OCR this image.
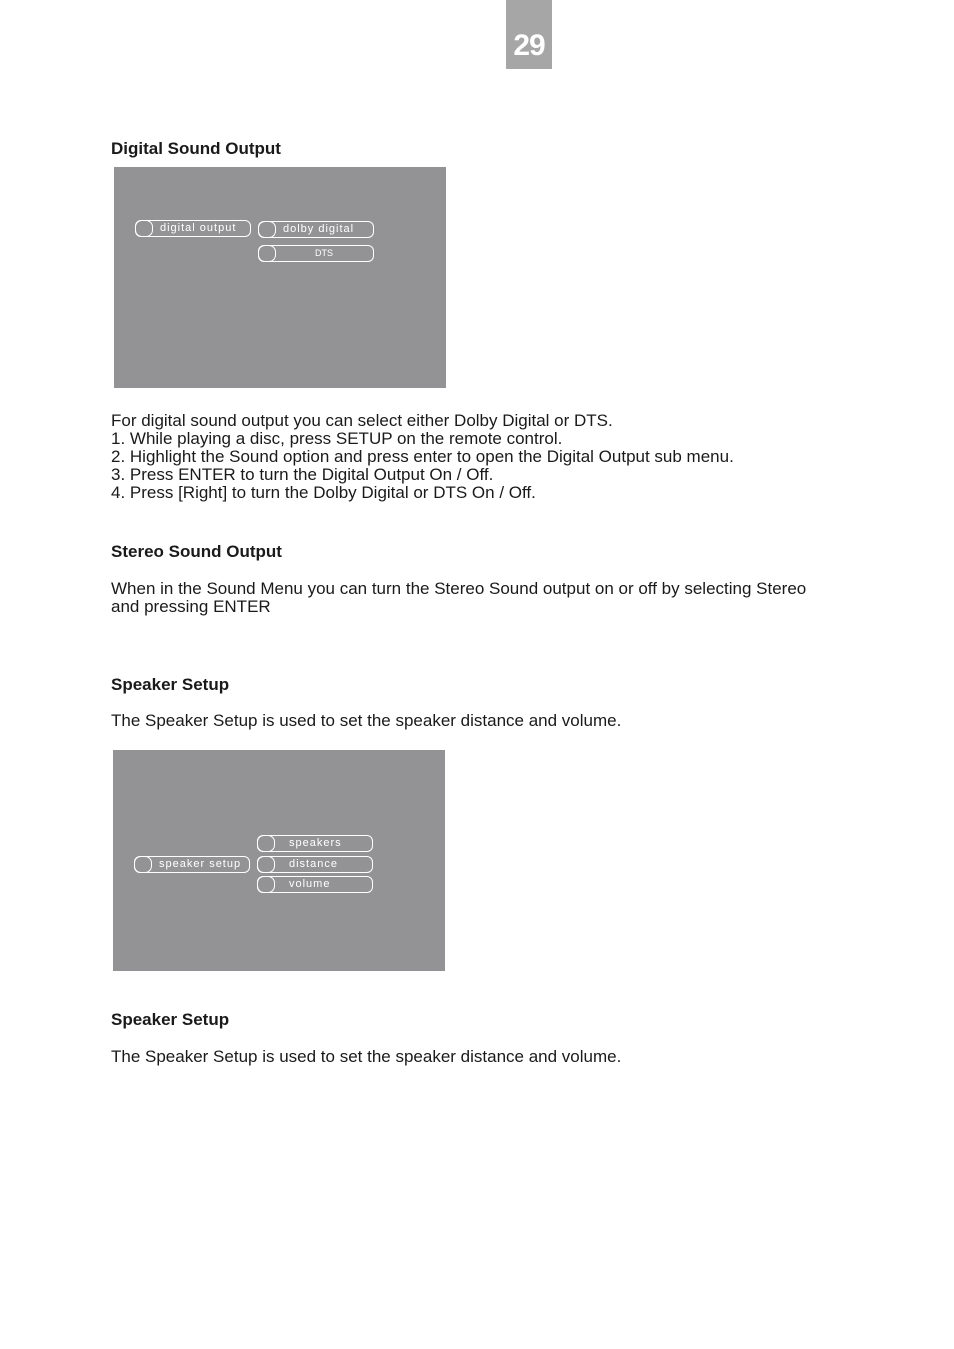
29
Digital Sound Output
digital output	dolby digital
DTS
For digital sound output you can select either Dolby Digital or DTS.
1. While playing a disc, press SETUP on the remote control.
2. Highlight the Sound option and press enter to open the Digital Output sub menu.
3. Press ENTER to turn the Digital Output On / Off.
4. Press [Right] to turn the Dolby Digital or DTS On / Off.
Stereo Sound Output
When in the Sound Menu you can turn the Stereo Sound output on or off by selecting Stereo
and pressing ENTER
Speaker Setup
The Speaker Setup is used to set the speaker distance and volume.
speaker setup
speakers
distance
volume
Speaker Setup
The Speaker Setup is used to set the speaker distance and volume.
